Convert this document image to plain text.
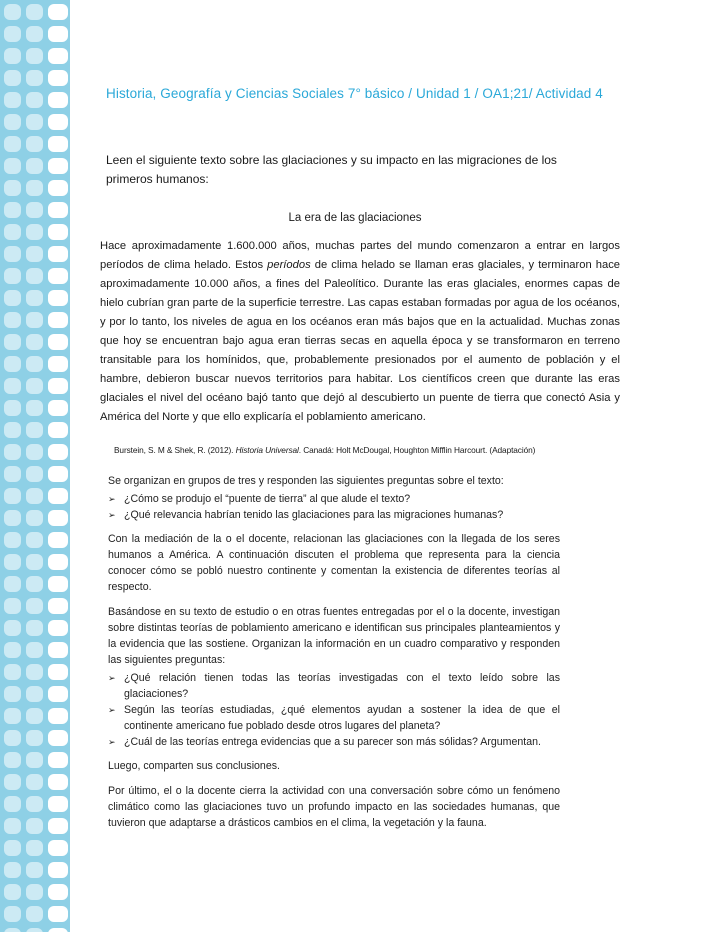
Historia, Geografía y Ciencias Sociales 7° básico / Unidad 1 / OA1;21/ Actividad 4
Leen el siguiente texto sobre las glaciaciones y su impacto en las migraciones de los primeros humanos:
La era de las glaciaciones

Hace aproximadamente 1.600.000 años, muchas partes del mundo comenzaron a entrar en largos períodos de clima helado. Estos períodos de clima helado se llaman eras glaciales, y terminaron hace aproximadamente 10.000 años, a fines del Paleolítico. Durante las eras glaciales, enormes capas de hielo cubrían gran parte de la superficie terrestre. Las capas estaban formadas por agua de los océanos, y por lo tanto, los niveles de agua en los océanos eran más bajos que en la actualidad. Muchas zonas que hoy se encuentran bajo agua eran tierras secas en aquella época y se transformaron en terreno transitable para los homínidos, que, probablemente presionados por el aumento de población y el hambre, debieron buscar nuevos territorios para habitar. Los científicos creen que durante las eras glaciales el nivel del océano bajó tanto que dejó al descubierto un puente de tierra que conectó Asia y América del Norte y que ello explicaría el poblamiento americano.

Burstein, S. M & Shek, R. (2012). Historia Universal. Canadá: Holt McDougal, Houghton Mifflin Harcourt. (Adaptación)

Se organizan en grupos de tres y responden las siguientes preguntas sobre el texto:

➢ ¿Cómo se produjo el “puente de tierra” al que alude el texto?
➢ ¿Qué relevancia habrían tenido las glaciaciones para las migraciones humanas?

Con la mediación de la o el docente, relacionan las glaciaciones con la llegada de los seres humanos a América. A continuación discuten el problema que representa para la ciencia conocer cómo se pobló nuestro continente y comentan la existencia de diferentes teorías al respecto.

Basándose en su texto de estudio o en otras fuentes entregadas por el o la docente, investigan sobre distintas teorías de poblamiento americano e identifican sus principales planteamientos y la evidencia que las sostiene. Organizan la información en un cuadro comparativo y responden las siguientes preguntas:

➢ ¿Qué relación tienen todas las teorías investigadas con el texto leído sobre las glaciaciones?
➢ Según las teorías estudiadas, ¿qué elementos ayudan a sostener la idea de que el continente americano fue poblado desde otros lugares del planeta?
➢ ¿Cuál de las teorías entrega evidencias que a su parecer son más sólidas? Argumentan.

Luego, comparten sus conclusiones.

Por último, el o la docente cierra la actividad con una conversación sobre cómo un fenómeno climático como las glaciaciones tuvo un profundo impacto en las sociedades humanas, que tuvieron que adaptarse a drásticos cambios en el clima, la vegetación y la fauna.
